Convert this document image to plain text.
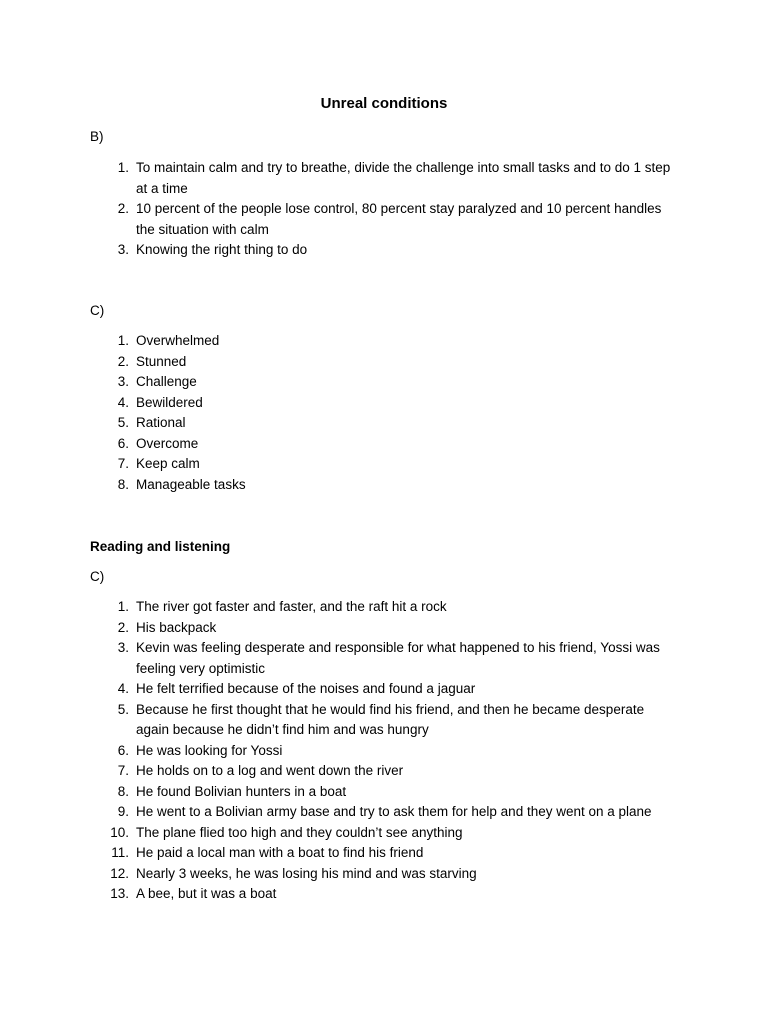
Unreal conditions
B)
1. To maintain calm and try to breathe, divide the challenge into small tasks and to do 1 step at a time
2. 10 percent of the people lose control, 80 percent stay paralyzed and 10 percent handles the situation with calm
3. Knowing the right thing to do
C)
1. Overwhelmed
2. Stunned
3. Challenge
4. Bewildered
5. Rational
6. Overcome
7. Keep calm
8. Manageable tasks
Reading and listening
C)
1. The river got faster and faster, and the raft hit a rock
2. His backpack
3. Kevin was feeling desperate and responsible for what happened to his friend, Yossi was feeling very optimistic
4. He felt terrified because of the noises and found a jaguar
5. Because he first thought that he would find his friend, and then he became desperate again because he didn’t find him and was hungry
6. He was looking for Yossi
7. He holds on to a log and went down the river
8. He found Bolivian hunters in a boat
9. He went to a Bolivian army base and try to ask them for help and they went on a plane
10. The plane flied too high and they couldn’t see anything
11. He paid a local man with a boat to find his friend
12. Nearly 3 weeks, he was losing his mind and was starving
13. A bee, but it was a boat
